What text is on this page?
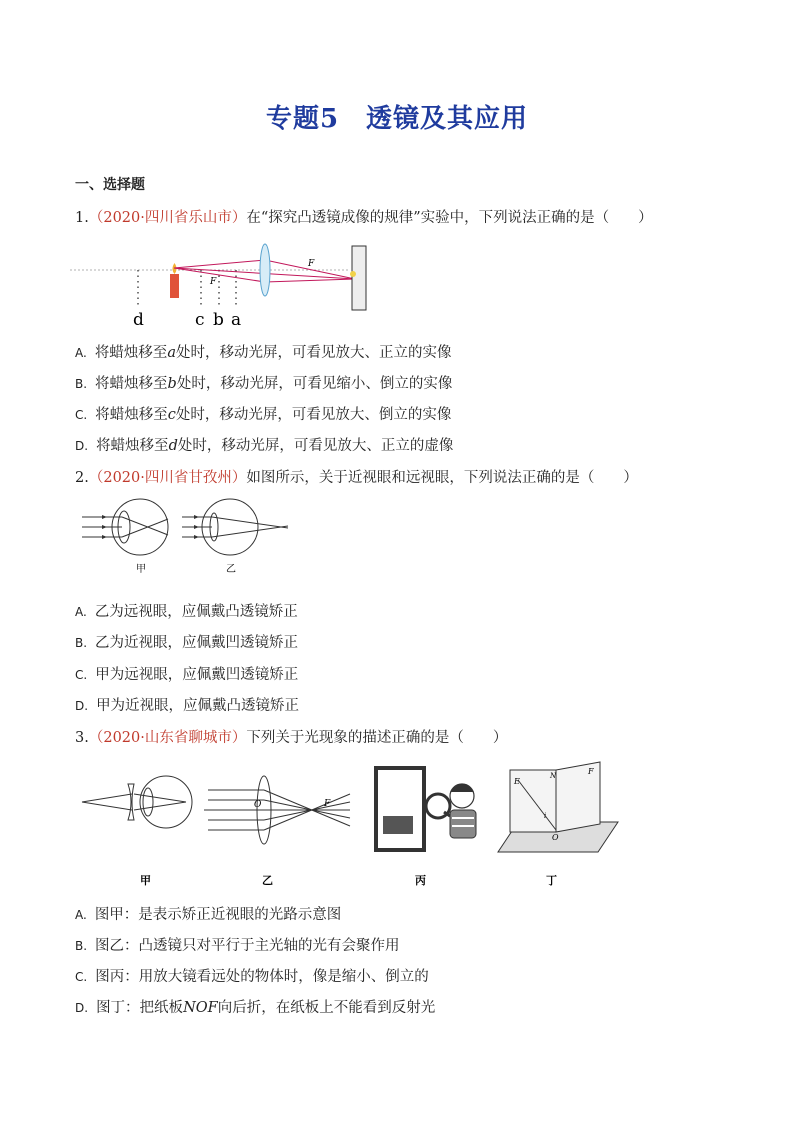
专题5　透镜及其应用
一、选择题
1.（2020·四川省乐山市）在“探究凸透镜成像的规律”实验中，下列说法正确的是（　　）
F
F
d	c b a
A. 将蜡烛移至a处时，移动光屏，可看见放大、正立的实像
B. 将蜡烛移至b处时，移动光屏，可看见缩小、倒立的实像
C. 将蜡烛移至c处时，移动光屏，可看见放大、倒立的实像
D. 将蜡烛移至d处时，移动光屏，可看见放大、正立的虚像
2.（2020·四川省甘孜州）如图所示，关于近视眼和远视眼，下列说法正确的是（　　）
甲	乙
A. 乙为远视眼，应佩戴凸透镜矫正
B. 乙为近视眼，应佩戴凹透镜矫正
C. 甲为远视眼，应佩戴凹透镜矫正
D. 甲为近视眼，应佩戴凸透镜矫正
3.（2020·山东省聊城市）下列关于光现象的描述正确的是（　　）
O	F
E
N	F
i
O
甲	乙	丙	丁
A. 图甲：是表示矫正近视眼的光路示意图
B. 图乙：凸透镜只对平行于主光轴的光有会聚作用
C. 图丙：用放大镜看远处的物体时，像是缩小、倒立的
D. 图丁：把纸板NOF向后折，在纸板上不能看到反射光
